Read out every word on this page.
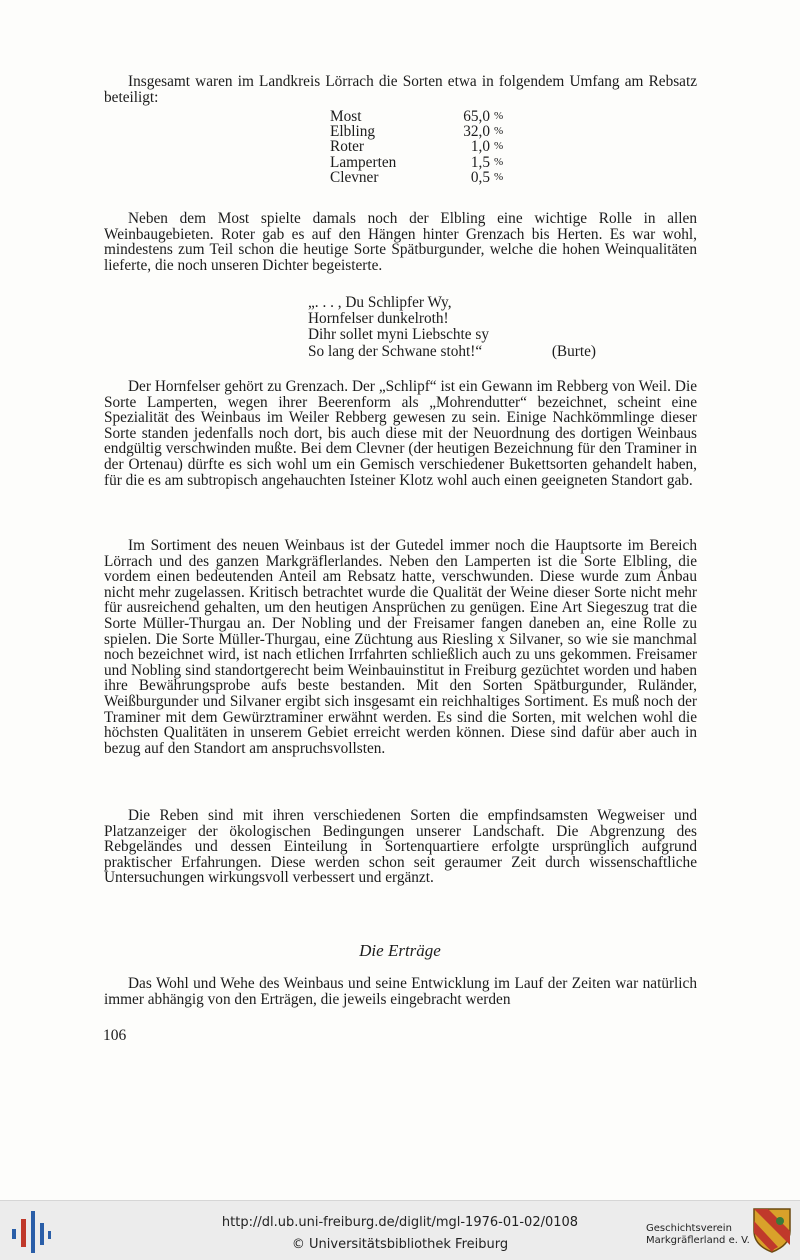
Insgesamt waren im Landkreis Lörrach die Sorten etwa in folgendem Umfang am Rebsatz beteiligt:

Most	65,0 %
Elbling	32,0 %
Roter	1,0 %
Lamperten	1,5 %
Clevner	0,5 %

Neben dem Most spielte damals noch der Elbling eine wichtige Rolle in allen Weinbaugebieten. Roter gab es auf den Hängen hinter Grenzach bis Herten. Es war wohl, mindestens zum Teil schon die heutige Sorte Spätburgunder, welche die hohen Weinqualitäten lieferte, die noch unseren Dichter begeisterte.

„. . . , Du Schlipfer Wy,
Hornfelser dunkelroth!
Dihr sollet myni Liebschte sy
So lang der Schwane stoht!“	(Burte)

Der Hornfelser gehört zu Grenzach. Der „Schlipf“ ist ein Gewann im Rebberg von Weil. Die Sorte Lamperten, wegen ihrer Beerenform als „Mohrendutter“ bezeichnet, scheint eine Spezialität des Weinbaus im Weiler Rebberg gewesen zu sein. Einige Nachkömmlinge dieser Sorte standen jedenfalls noch dort, bis auch diese mit der Neuordnung des dortigen Weinbaus endgültig verschwinden mußte. Bei dem Clevner (der heutigen Bezeichnung für den Traminer in der Ortenau) dürfte es sich wohl um ein Gemisch verschiedener Bukettsorten gehandelt haben, für die es am subtropisch angehauchten Isteiner Klotz wohl auch einen geeigneten Standort gab.

Im Sortiment des neuen Weinbaus ist der Gutedel immer noch die Hauptsorte im Bereich Lörrach und des ganzen Markgräflerlandes. Neben den Lamperten ist die Sorte Elbling, die vordem einen bedeutenden Anteil am Rebsatz hatte, verschwunden. Diese wurde zum Anbau nicht mehr zugelassen. Kritisch betrachtet wurde die Qualität der Weine dieser Sorte nicht mehr für ausreichend gehalten, um den heutigen Ansprüchen zu genügen. Eine Art Siegeszug trat die Sorte Müller-Thurgau an. Der Nobling und der Freisamer fangen daneben an, eine Rolle zu spielen. Die Sorte Müller-Thurgau, eine Züchtung aus Riesling x Silvaner, so wie sie manchmal noch bezeichnet wird, ist nach etlichen Irrfahrten schließlich auch zu uns gekommen. Freisamer und Nobling sind standortgerecht beim Weinbauinstitut in Freiburg gezüchtet worden und haben ihre Bewährungsprobe aufs beste bestanden. Mit den Sorten Spätburgunder, Ruländer, Weißburgunder und Silvaner ergibt sich insgesamt ein reichhaltiges Sortiment. Es muß noch der Traminer mit dem Gewürztraminer erwähnt werden. Es sind die Sorten, mit welchen wohl die höchsten Qualitäten in unserem Gebiet erreicht werden können. Diese sind dafür aber auch in bezug auf den Standort am anspruchsvollsten.

Die Reben sind mit ihren verschiedenen Sorten die empfindsamsten Wegweiser und Platzanzeiger der ökologischen Bedingungen unserer Landschaft. Die Abgrenzung des Rebgeländes und dessen Einteilung in Sortenquartiere erfolgte ursprünglich aufgrund praktischer Erfahrungen. Diese werden schon seit geraumer Zeit durch wissenschaftliche Untersuchungen wirkungsvoll verbessert und ergänzt.

Die Erträge

Das Wohl und Wehe des Weinbaus und seine Entwicklung im Lauf der Zeiten war natürlich immer abhängig von den Erträgen, die jeweils eingebracht werden

106
http://dl.ub.uni-freiburg.de/diglit/mgl-1976-01-02/0108
© Universitätsbibliothek Freiburg
Geschichtsverein
Markgräflerland e. V.
